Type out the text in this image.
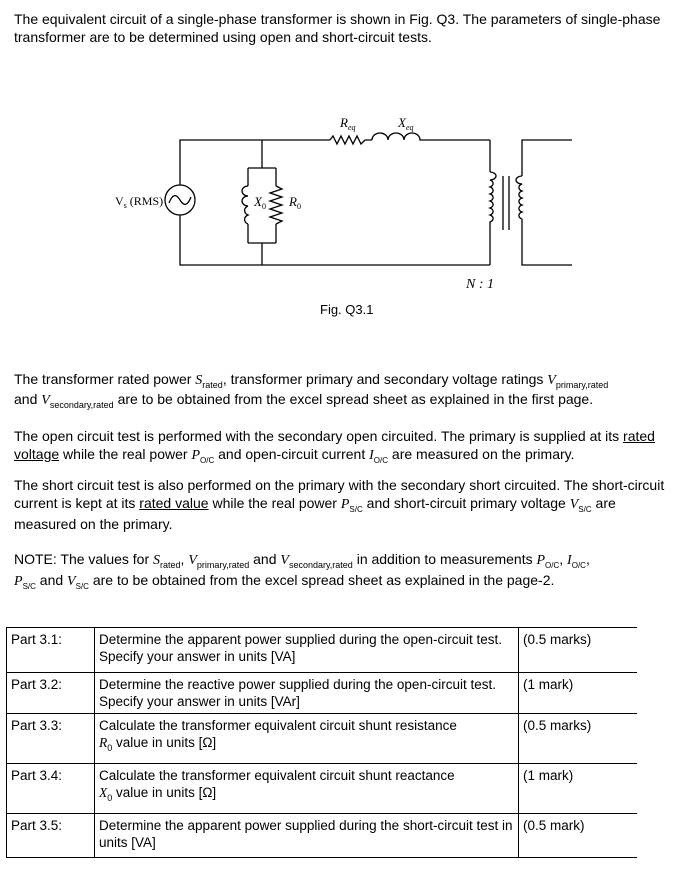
The equivalent circuit of a single-phase transformer is shown in Fig. Q3. The parameters of single-phase transformer are to be determined using open and short-circuit tests.
$V_s$ (RMS)	$X_0$ $R_0$
$R_{eq}$	$X_{eq}$
N : 1
Fig. Q3.1
The transformer rated power $S_{rated}$, transformer primary and secondary voltage ratings $V_{primary,rated}$
and $V_{secondary,rated}$ are to be obtained from the excel spread sheet as explained in the first page.
The open circuit test is performed with the secondary open circuited. The primary is supplied at its rated voltage while the real power $P_{O/C}$ and open-circuit current $I_{O/C}$ are measured on the primary.
The short circuit test is also performed on the primary with the secondary short circuited. The short-circuit current is kept at its rated value while the real power $P_{S/C}$ and short-circuit primary voltage $V_{S/C}$ are measured on the primary.
NOTE: The values for $S_{rated}$, $V_{primary,rated}$ and $V_{secondary,rated}$ in addition to measurements $P_{O/C}$, $I_{O/C}$,
$P_{S/C}$ and $V_{S/C}$ are to be obtained from the excel spread sheet as explained in the page-2.
Part 3.1:	Determine the apparent power supplied during the open-circuit test. Specify your answer in units [VA]	(0.5 marks)
Part 3.2:	Determine the reactive power supplied during the open-circuit test. Specify your answer in units [VAr]	(1 mark)
Part 3.3:	Calculate the transformer equivalent circuit shunt resistance
$R_0$ value in units [Ω]	(0.5 marks)
Part 3.4:	Calculate the transformer equivalent circuit shunt reactance
$X_0$ value in units [Ω]	(1 mark)
Part 3.5:	Determine the apparent power supplied during the short-circuit test in units [VA]	(0.5 mark)
